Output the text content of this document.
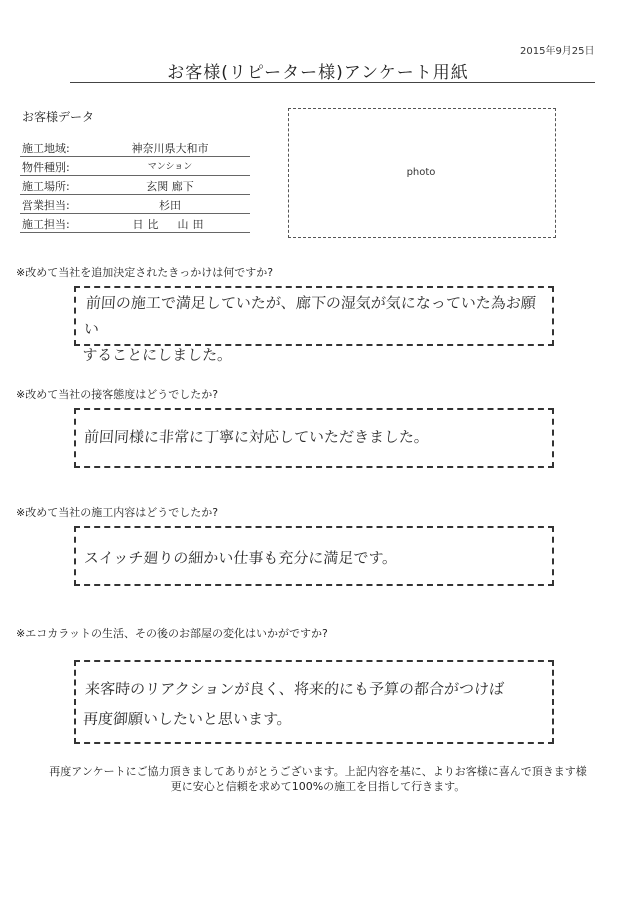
2015年9月25日
お客様(リピーター様)アンケート用紙
お客様データ
施工地域:	神奈川県大和市
物件種別:	マンション
施工場所:	玄関 廊下
営業担当:	杉田
施工担当:	日比　山田
photo
※改めて当社を追加決定されたきっかけは何ですか?
前回の施工で満足していたが、廊下の湿気が気になっていた為お願い
することにしました。
※改めて当社の接客態度はどうでしたか?
前回同様に非常に丁寧に対応していただきました。
※改めて当社の施工内容はどうでしたか?
スイッチ廻りの細かい仕事も充分に満足です。
※エコカラットの生活、その後のお部屋の変化はいかがですか?
来客時のリアクションが良く、将来的にも予算の都合がつけば
再度御願いしたいと思います。
再度アンケートにご協力頂きましてありがとうございます。上記内容を基に、よりお客様に喜んで頂きます様
更に安心と信頼を求めて100%の施工を目指して行きます。
